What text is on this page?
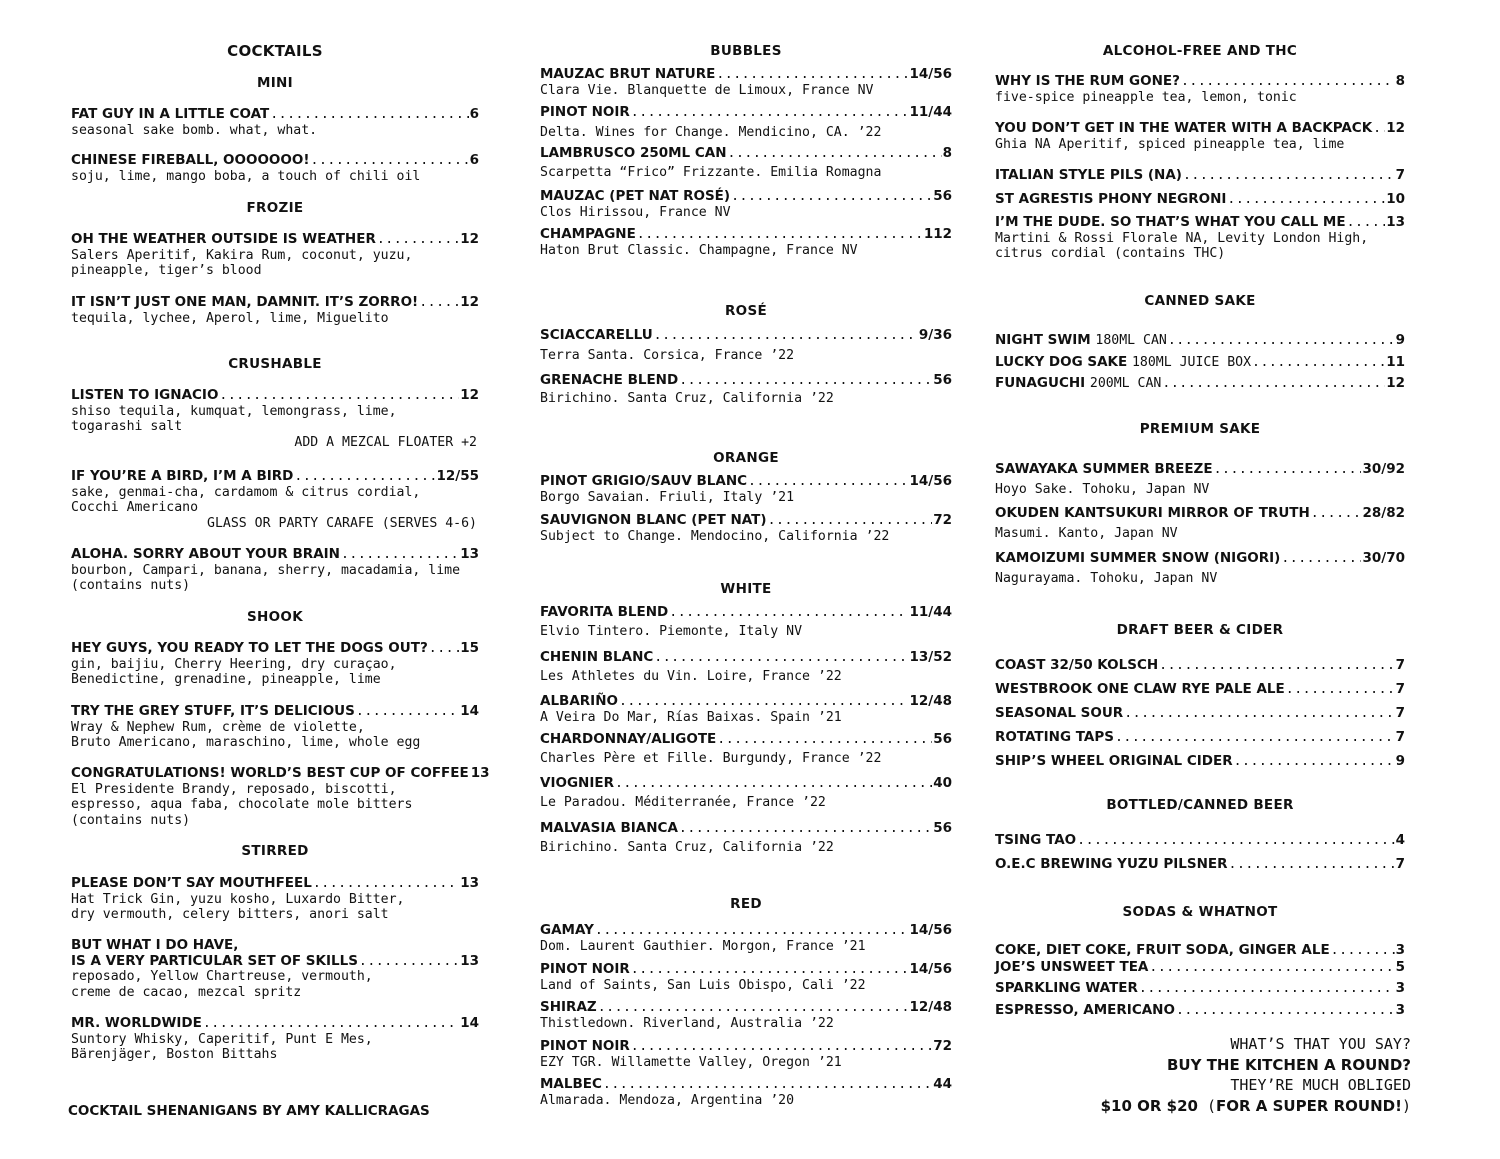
COCKTAILS
MINI
FAT GUY IN A LITTLE COAT .....	6
seasonal sake bomb. what, what.
CHINESE FIREBALL, OOOOOOO! .....	6
soju, lime, mango boba, a touch of chili oil
FROZIE
OH THE WEATHER OUTSIDE IS WEATHER .....	12
Salers Aperitif, Kakira Rum, coconut, yuzu,
pineapple, tiger’s blood
IT ISN’T JUST ONE MAN, DAMNIT. IT’S ZORRO! .....	12
tequila, lychee, Aperol, lime, Miguelito
CRUSHABLE
LISTEN TO IGNACIO .....	12
shiso tequila, kumquat, lemongrass, lime,
togarashi salt
ADD A MEZCAL FLOATER +2
IF YOU’RE A BIRD, I’M A BIRD .....	12/55
sake, genmai-cha, cardamom & citrus cordial,
Cocchi Americano
GLASS OR PARTY CARAFE (SERVES 4-6)
ALOHA. SORRY ABOUT YOUR BRAIN .....	13
bourbon, Campari, banana, sherry, macadamia, lime
(contains nuts)
SHOOK
HEY GUYS, YOU READY TO LET THE DOGS OUT? ..... 15
gin, baijiu, Cherry Heering, dry curaçao,
Benedictine, grenadine, pineapple, lime
TRY THE GREY STUFF, IT’S DELICIOUS .....	14
Wray & Nephew Rum, crème de violette,
Bruto Americano, maraschino, lime, whole egg
CONGRATULATIONS! WORLD’S BEST CUP OF COFFEE 13
El Presidente Brandy, reposado, biscotti,
espresso, aqua faba, chocolate mole bitters
(contains nuts)
STIRRED
PLEASE DON’T SAY MOUTHFEEL .....	13
Hat Trick Gin, yuzu kosho, Luxardo Bitter,
dry vermouth, celery bitters, anori salt
BUT WHAT I DO HAVE,
IS A VERY PARTICULAR SET OF SKILLS .....	13
reposado, Yellow Chartreuse, vermouth,
creme de cacao, mezcal spritz
MR. WORLDWIDE .....	14
Suntory Whisky, Caperitif, Punt E Mes,
Bärenjäger, Boston Bittahs
COCKTAIL SHENANIGANS BY AMY KALLICRAGAS
BUBBLES
MAUZAC BRUT NATURE .....	14/56
Clara Vie. Blanquette de Limoux, France NV
PINOT NOIR .....	11/44
Delta. Wines for Change. Mendicino, CA. ’22
LAMBRUSCO 250ML CAN .....	8
Scarpetta “Frico” Frizzante. Emilia Romagna
MAUZAC (PET NAT ROSÉ) .....	56
Clos Hirissou, France NV
CHAMPAGNE .....	112
Haton Brut Classic. Champagne, France NV
ROSÉ
SCIACCARELLU .....	9/36
Terra Santa. Corsica, France ’22
GRENACHE BLEND .....	56
Birichino. Santa Cruz, California ’22
ORANGE
PINOT GRIGIO/SAUV BLANC .....	14/56
Borgo Savaian. Friuli, Italy ’21
SAUVIGNON BLANC (PET NAT) .....	72
Subject to Change. Mendocino, California ’22
WHITE
FAVORITA BLEND .....	11/44
Elvio Tintero. Piemonte, Italy NV
CHENIN BLANC .....	13/52
Les Athletes du Vin. Loire, France ’22
ALBARIÑO .....	12/48
A Veira Do Mar, Rías Baixas. Spain ’21
CHARDONNAY/ALIGOTE .....	56
Charles Père et Fille. Burgundy, France ’22
VIOGNIER .....	40
Le Paradou. Méditerranée, France ’22
MALVASIA BIANCA .....	56
Birichino. Santa Cruz, California ’22
RED
GAMAY .....	14/56
Dom. Laurent Gauthier. Morgon, France ’21
PINOT NOIR .....	14/56
Land of Saints, San Luis Obispo, Cali ’22
SHIRAZ .....	12/48
Thistledown. Riverland, Australia ’22
PINOT NOIR .....	72
EZY TGR. Willamette Valley, Oregon ’21
MALBEC .....	44
Almarada. Mendoza, Argentina ’20
ALCOHOL-FREE AND THC
WHY IS THE RUM GONE? .....	8
five-spice pineapple tea, lemon, tonic
YOU DON’T GET IN THE WATER WITH A BACKPACK ..... 12
Ghia NA Aperitif, spiced pineapple tea, lime
ITALIAN STYLE PILS (NA) .....	7
ST AGRESTIS PHONY NEGRONI .....	10
I’M THE DUDE. SO THAT’S WHAT YOU CALL ME .....	13
Martini & Rossi Florale NA, Levity London High,
citrus cordial (contains THC)
CANNED SAKE
NIGHT SWIM 180ML CAN .....	9
LUCKY DOG SAKE 180ML JUICE BOX .....	11
FUNAGUCHI 200ML CAN .....	12
PREMIUM SAKE
SAWAYAKA SUMMER BREEZE .....	30/92
Hoyo Sake. Tohoku, Japan NV
OKUDEN KANTSUKURI MIRROR OF TRUTH .....	28/82
Masumi. Kanto, Japan NV
KAMOIZUMI SUMMER SNOW (NIGORI) .....	30/70
Nagurayama. Tohoku, Japan NV
DRAFT BEER & CIDER
COAST 32/50 KOLSCH .....	7
WESTBROOK ONE CLAW RYE PALE ALE .....	7
SEASONAL SOUR .....	7
ROTATING TAPS .....	7
SHIP’S WHEEL ORIGINAL CIDER .....	9
BOTTLED/CANNED BEER
TSING TAO .....	4
O.E.C BREWING YUZU PILSNER .....	7
SODAS & WHATNOT
COKE, DIET COKE, FRUIT SODA, GINGER ALE .....	3
JOE’S UNSWEET TEA .....	5
SPARKLING WATER .....	3
ESPRESSO, AMERICANO .....	3
WHAT’S THAT YOU SAY?
BUY THE KITCHEN A ROUND?
THEY’RE MUCH OBLIGED
$10 OR $20 (FOR A SUPER ROUND!)
